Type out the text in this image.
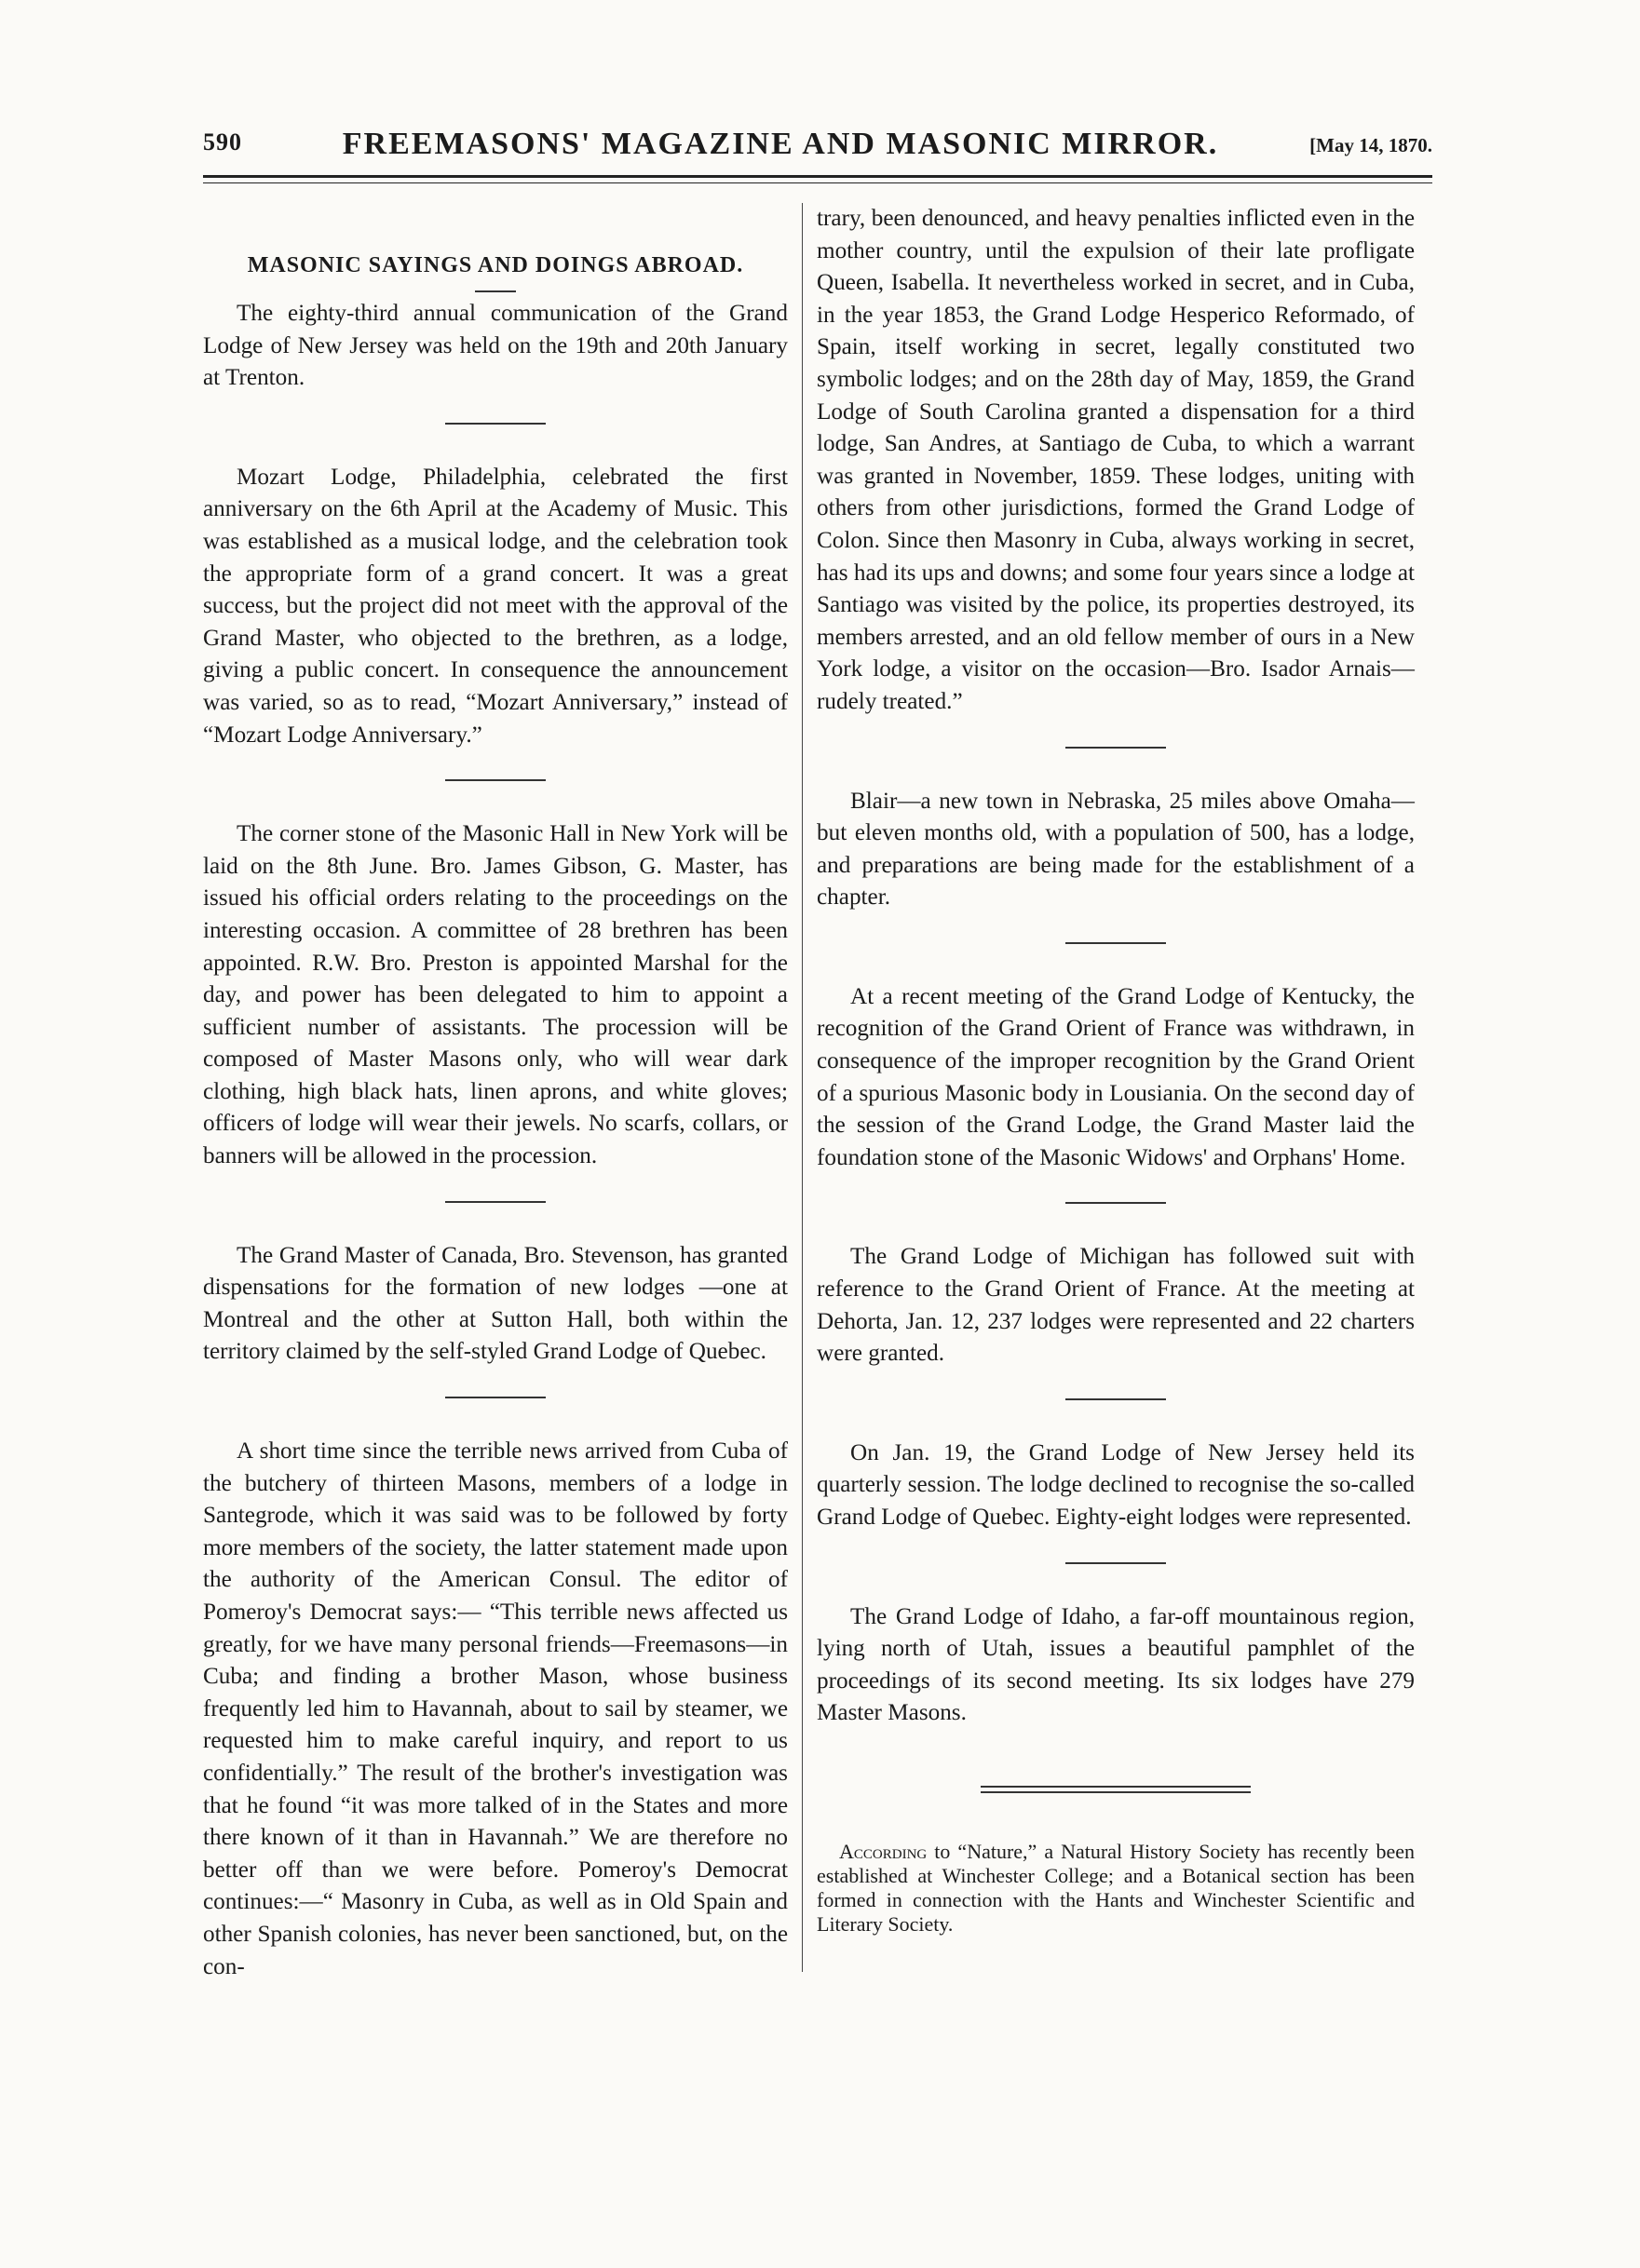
590	FREEMASONS' MAGAZINE AND MASONIC MIRROR.	[May 14, 1870.
MASONIC SAYINGS AND DOINGS ABROAD.

The eighty-third annual communication of the Grand Lodge of New Jersey was held on the 19th and 20th January at Trenton.

Mozart Lodge, Philadelphia, celebrated the first anniversary on the 6th April at the Academy of Music. This was established as a musical lodge, and the celebration took the appropriate form of a grand concert. It was a great success, but the project did not meet with the approval of the Grand Master, who objected to the brethren, as a lodge, giving a public concert. In consequence the announcement was varied, so as to read, “Mozart Anniversary,” instead of “Mozart Lodge Anniversary.”

The corner stone of the Masonic Hall in New York will be laid on the 8th June. Bro. James Gibson, G. Master, has issued his official orders relating to the proceedings on the interesting occasion. A committee of 28 brethren has been appointed. R.W. Bro. Preston is appointed Marshal for the day, and power has been delegated to him to appoint a sufficient number of assistants. The procession will be composed of Master Masons only, who will wear dark clothing, high black hats, linen aprons, and white gloves; officers of lodge will wear their jewels. No scarfs, collars, or banners will be allowed in the procession.

The Grand Master of Canada, Bro. Stevenson, has granted dispensations for the formation of new lodges —one at Montreal and the other at Sutton Hall, both within the territory claimed by the self-styled Grand Lodge of Quebec.

A short time since the terrible news arrived from Cuba of the butchery of thirteen Masons, members of a lodge in Santegrode, which it was said was to be followed by forty more members of the society, the latter statement made upon the authority of the American Consul. The editor of Pomeroy's Democrat says:— “This terrible news affected us greatly, for we have many personal friends—Freemasons—in Cuba; and finding a brother Mason, whose business frequently led him to Havannah, about to sail by steamer, we requested him to make careful inquiry, and report to us confidentially.” The result of the brother's investigation was that he found “it was more talked of in the States and more there known of it than in Havannah.” We are therefore no better off than we were before. Pomeroy's Democrat continues:—“ Masonry in Cuba, as well as in Old Spain and other Spanish colonies, has never been sanctioned, but, on the con-

trary, been denounced, and heavy penalties inflicted even in the mother country, until the expulsion of their late profligate Queen, Isabella. It nevertheless worked in secret, and in Cuba, in the year 1853, the Grand Lodge Hesperico Reformado, of Spain, itself working in secret, legally constituted two symbolic lodges; and on the 28th day of May, 1859, the Grand Lodge of South Carolina granted a dispensation for a third lodge, San Andres, at Santiago de Cuba, to which a warrant was granted in November, 1859. These lodges, uniting with others from other jurisdictions, formed the Grand Lodge of Colon. Since then Masonry in Cuba, always working in secret, has had its ups and downs; and some four years since a lodge at Santiago was visited by the police, its properties destroyed, its members arrested, and an old fellow member of ours in a New York lodge, a visitor on the occasion—Bro. Isador Arnais—rudely treated.”

Blair—a new town in Nebraska, 25 miles above Omaha—but eleven months old, with a population of 500, has a lodge, and preparations are being made for the establishment of a chapter.

At a recent meeting of the Grand Lodge of Kentucky, the recognition of the Grand Orient of France was withdrawn, in consequence of the improper recognition by the Grand Orient of a spurious Masonic body in Lousiania. On the second day of the session of the Grand Lodge, the Grand Master laid the foundation stone of the Masonic Widows' and Orphans' Home.

The Grand Lodge of Michigan has followed suit with reference to the Grand Orient of France. At the meeting at Dehorta, Jan. 12, 237 lodges were represented and 22 charters were granted.

On Jan. 19, the Grand Lodge of New Jersey held its quarterly session. The lodge declined to recognise the so-called Grand Lodge of Quebec. Eighty-eight lodges were represented.

The Grand Lodge of Idaho, a far-off mountainous region, lying north of Utah, issues a beautiful pamphlet of the proceedings of its second meeting. Its six lodges have 279 Master Masons.

According to “Nature,” a Natural History Society has recently been established at Winchester College; and a Botanical section has been formed in connection with the Hants and Winchester Scientific and Literary Society.
